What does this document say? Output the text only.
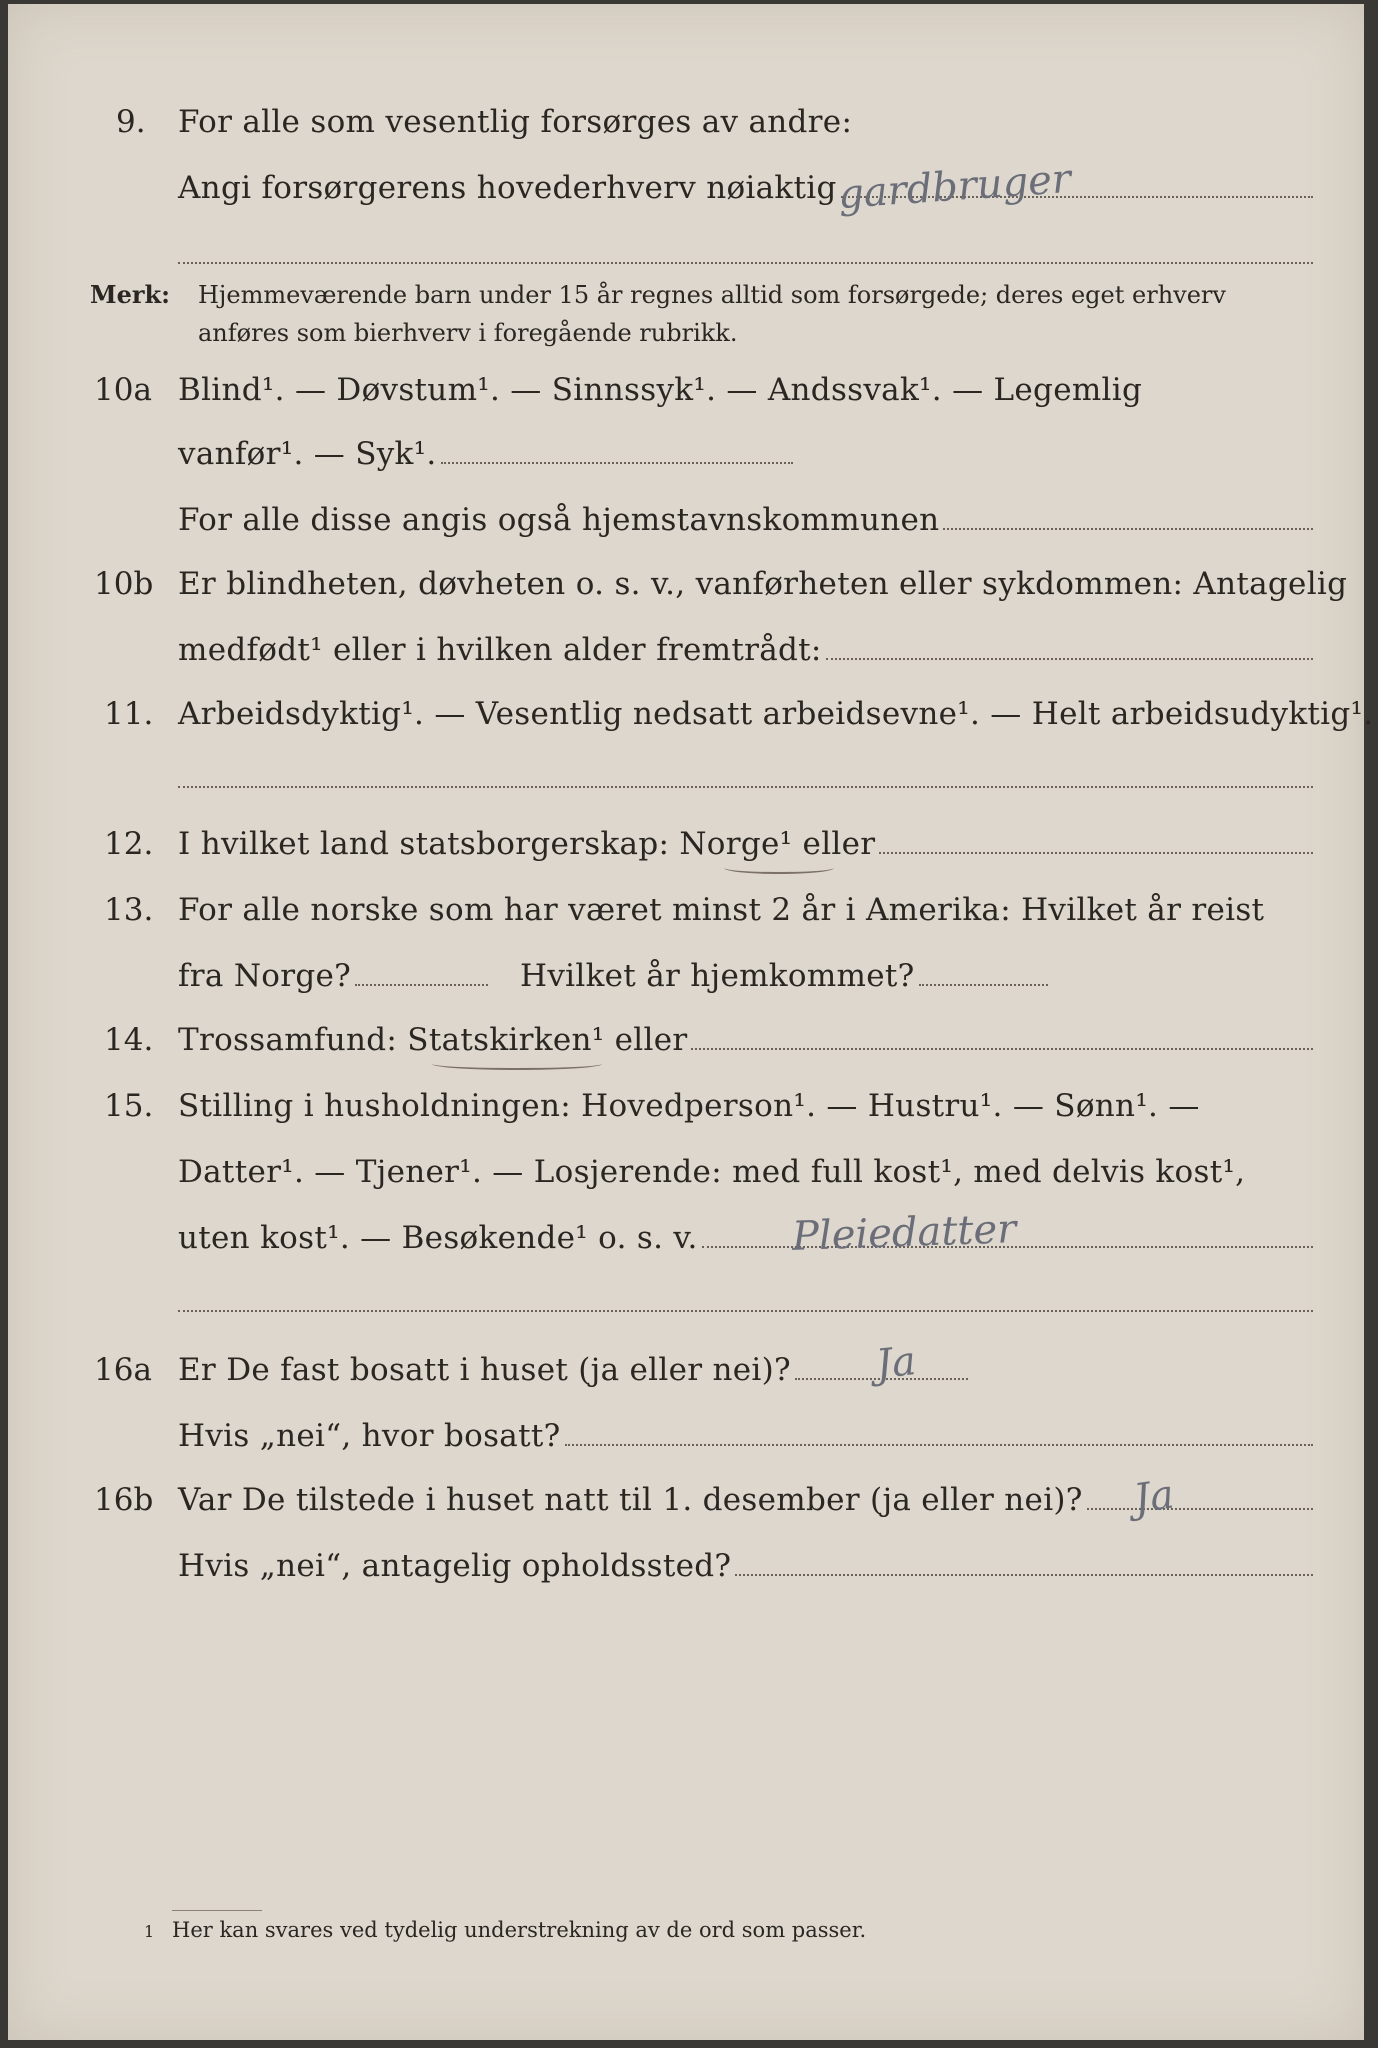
9. For alle som vesentlig forsørges av andre:
Angi forsørgerens hovederhverv nøiaktig gardbruger
Merk: Hjemmeværende barn under 15 år regnes alltid som forsørgede; deres eget erhverv
anføres som bierhverv i foregående rubrikk.
10a Blind¹. — Døvstum¹. — Sinnssyk¹. — Andssvak¹. — Legemlig
vanfør¹. — Syk¹.
For alle disse angis også hjemstavnskommunen
10b Er blindheten, døvheten o. s. v., vanførheten eller sykdommen: Antagelig
medfødt¹ eller i hvilken alder fremtrådt:
11. Arbeidsdyktig¹. — Vesentlig nedsatt arbeidsevne¹. — Helt arbeidsudyktig¹.
12. I hvilket land statsborgerskap: Norge¹ eller
13. For alle norske som har været minst 2 år i Amerika: Hvilket år reist
fra Norge?	Hvilket år hjemkommet?
14. Trossamfund: Statskirken¹ eller
15. Stilling i husholdningen: Hovedperson¹. — Hustru¹. — Sønn¹. —
Datter¹. — Tjener¹. — Losjerende: med full kost¹, med delvis kost¹,
uten kost¹. — Besøkende¹ o. s. v. Pleiedatter
16a Er De fast bosatt i huset (ja eller nei)? Ja
Hvis „nei“, hvor bosatt?
16b Var De tilstede i huset natt til 1. desember (ja eller nei)? Ja
Hvis „nei“, antagelig opholdssted?
1 Her kan svares ved tydelig understrekning av de ord som passer.
